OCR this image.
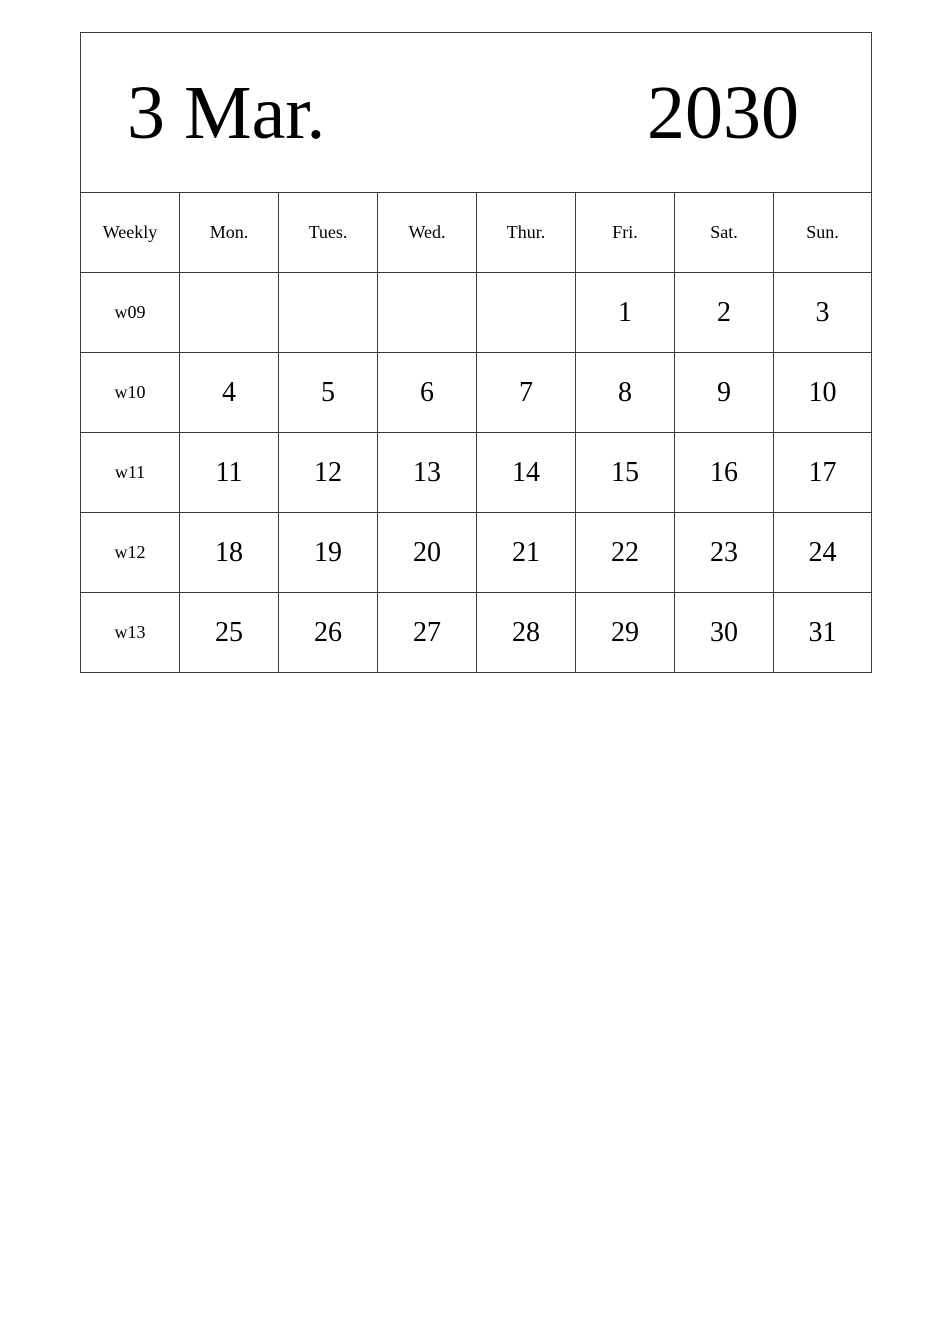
3 Mar. 2030							

Weekly	Mon.	Tues.	Wed.	Thur.	Fri.	Sat.	Sun.
w09					1	2	3
w10	4	5	6	7	8	9	10
w11	11	12	13	14	15	16	17
w12	18	19	20	21	22	23	24
w13	25	26	27	28	29	30	31
